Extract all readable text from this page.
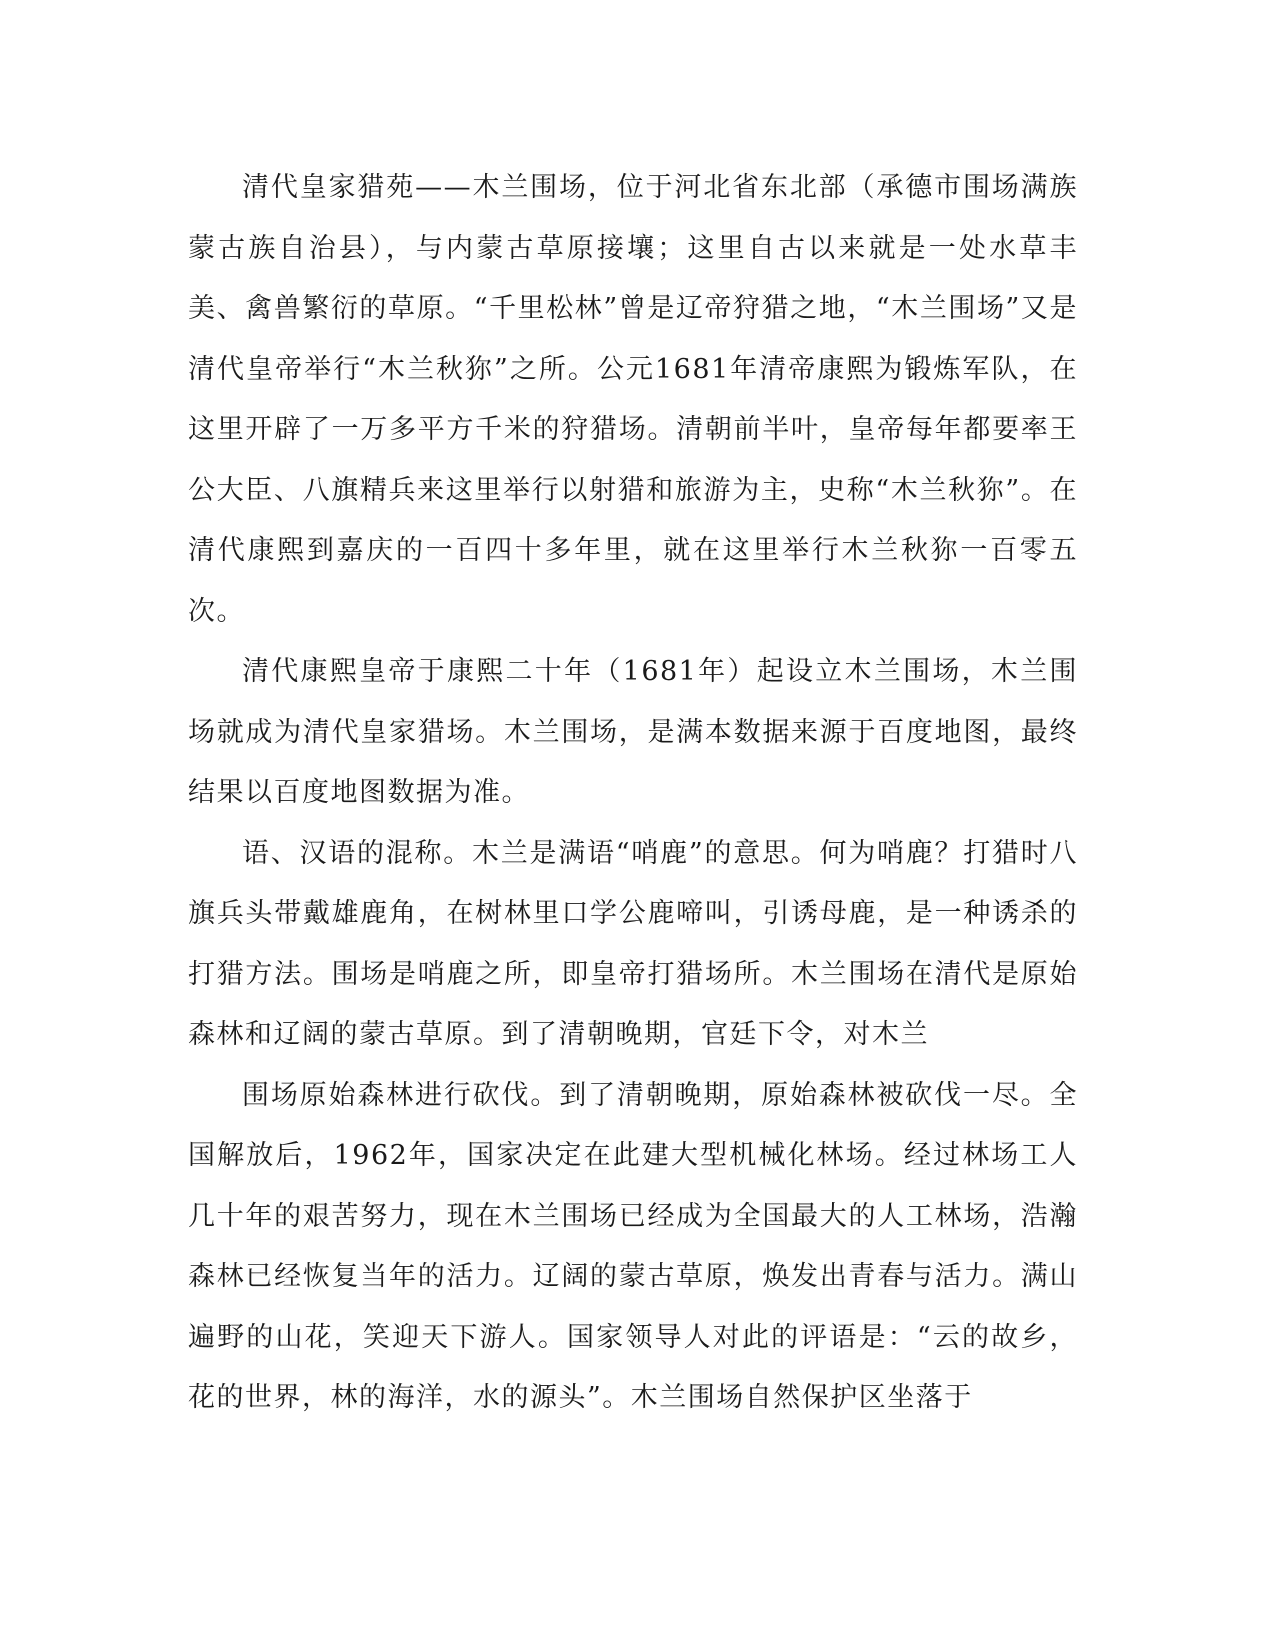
清代皇家猎苑——木兰围场，位于河北省东北部（承德市围场满族蒙古族自治县），与内蒙古草原接壤；这里自古以来就是一处水草丰美、禽兽繁衍的草原。“千里松林”曾是辽帝狩猎之地，“木兰围场”又是清代皇帝举行“木兰秋狝”之所。公元1681年清帝康熙为锻炼军队，在这里开辟了一万多平方千米的狩猎场。清朝前半叶，皇帝每年都要率王公大臣、八旗精兵来这里举行以射猎和旅游为主，史称“木兰秋狝”。在清代康熙到嘉庆的一百四十多年里，就在这里举行木兰秋狝一百零五次。

清代康熙皇帝于康熙二十年（1681年）起设立木兰围场，木兰围场就成为清代皇家猎场。木兰围场，是满本数据来源于百度地图，最终结果以百度地图数据为准。

语、汉语的混称。木兰是满语“哨鹿”的意思。何为哨鹿？打猎时八旗兵头带戴雄鹿角，在树林里口学公鹿啼叫，引诱母鹿，是一种诱杀的打猎方法。围场是哨鹿之所，即皇帝打猎场所。木兰围场在清代是原始森林和辽阔的蒙古草原。到了清朝晚期，官廷下令，对木兰

围场原始森林进行砍伐。到了清朝晚期，原始森林被砍伐一尽。全国解放后，1962年，国家决定在此建大型机械化林场。经过林场工人几十年的艰苦努力，现在木兰围场已经成为全国最大的人工林场，浩瀚森林已经恢复当年的活力。辽阔的蒙古草原，焕发出青春与活力。满山遍野的山花，笑迎天下游人。国家领导人对此的评语是：“云的故乡，花的世界，林的海洋，水的源头”。木兰围场自然保护区坐落于
